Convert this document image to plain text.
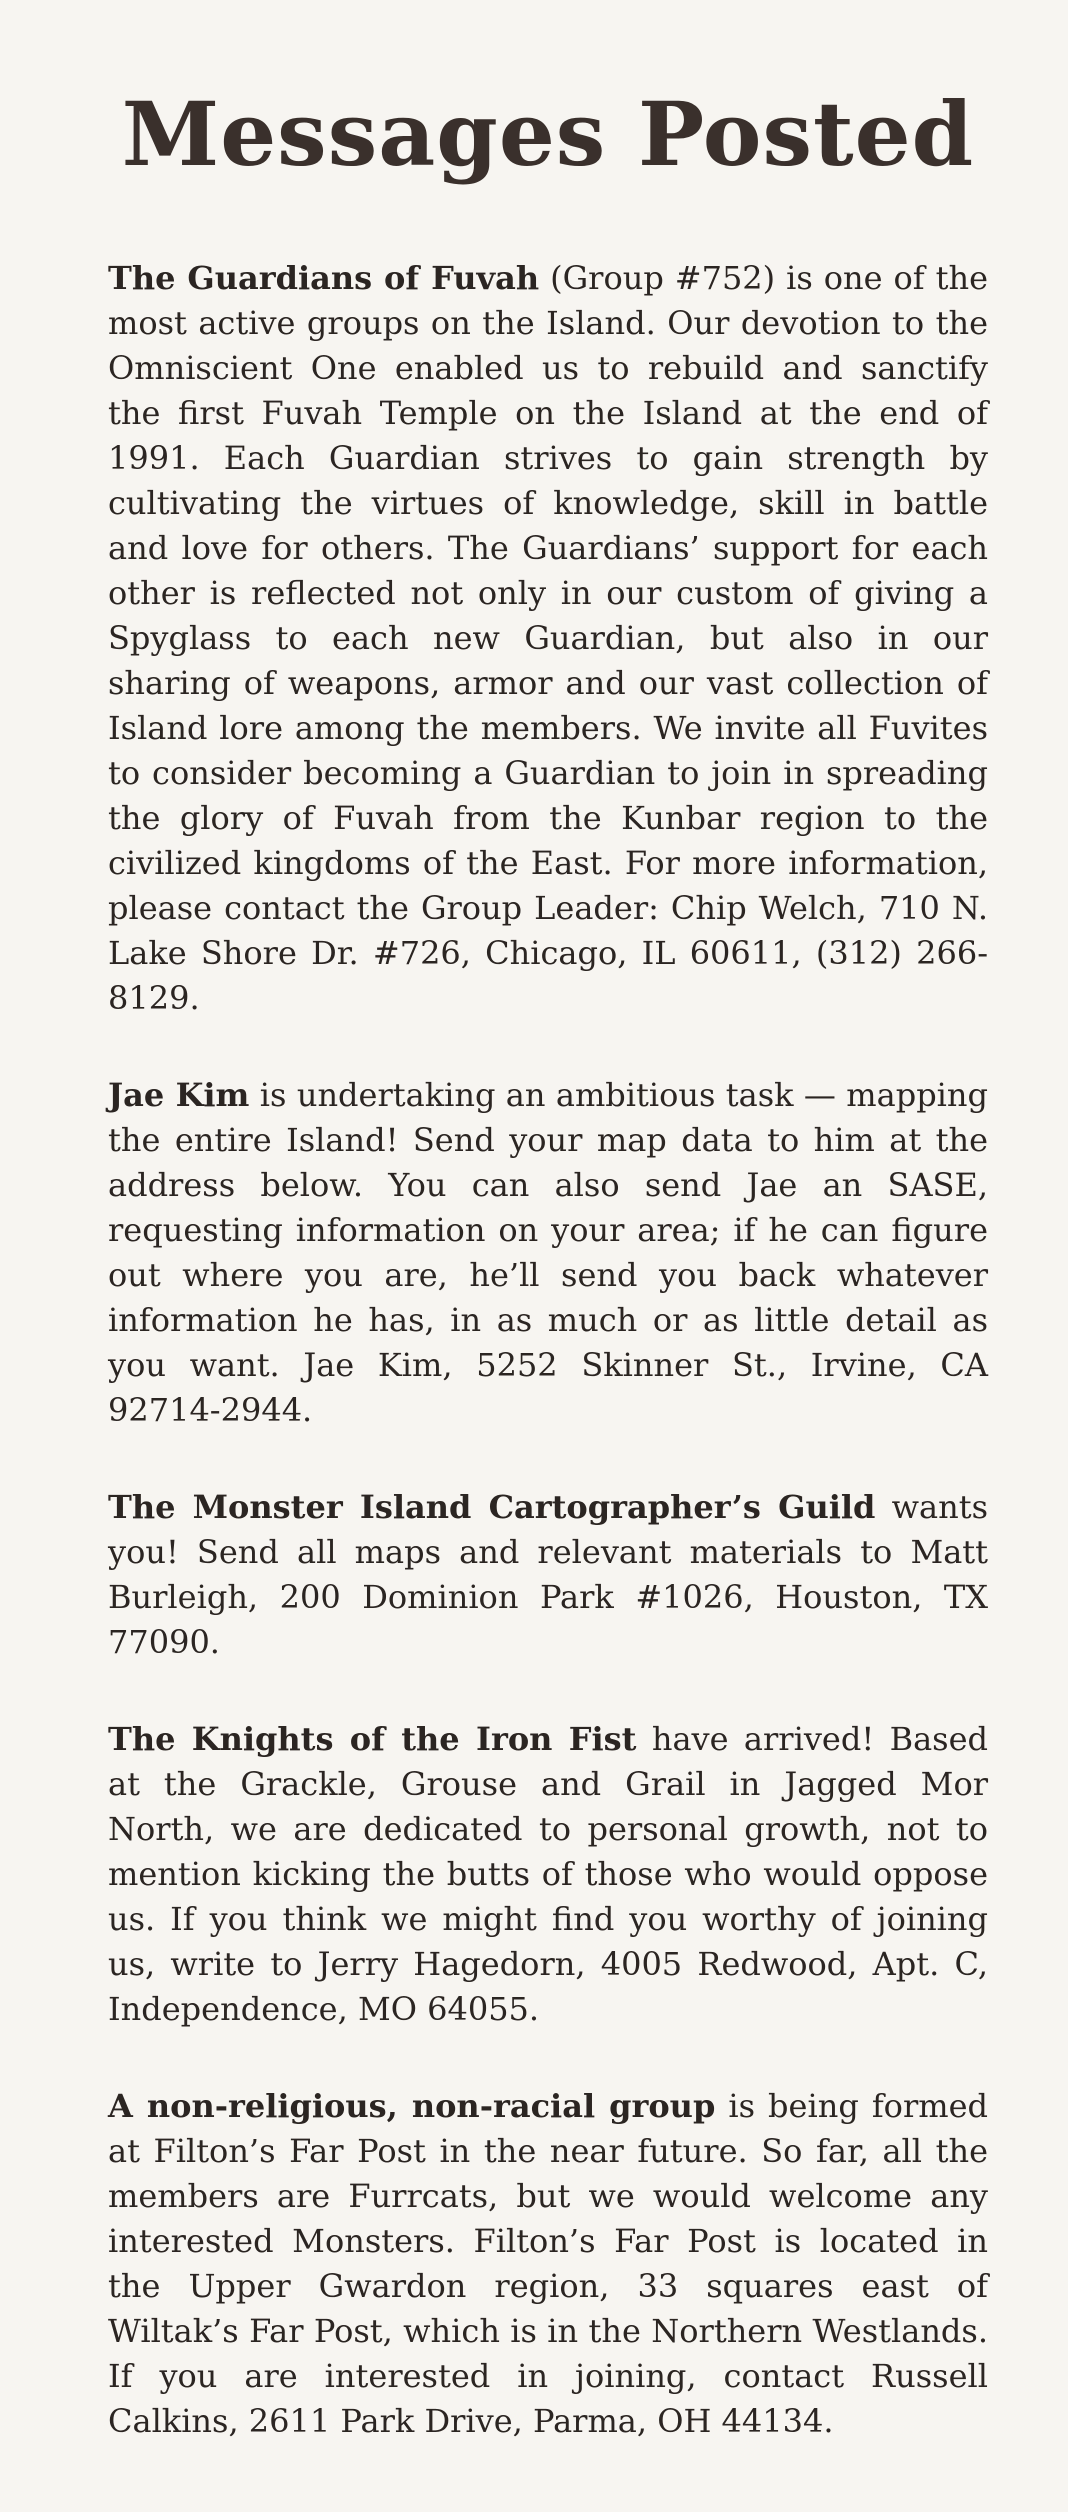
Messages Posted

The Guardians of Fuvah (Group #752) is one of the most active groups on the Island. Our devotion to the Omniscient One enabled us to rebuild and sanctify the first Fuvah Temple on the Island at the end of 1991. Each Guardian strives to gain strength by cultivating the virtues of knowledge, skill in battle and love for others. The Guardians’ support for each other is reflected not only in our custom of giving a Spyglass to each new Guardian, but also in our sharing of weapons, armor and our vast collection of Island lore among the members. We invite all Fuvites to consider becoming a Guardian to join in spreading the glory of Fuvah from the Kunbar region to the civilized kingdoms of the East. For more information, please contact the Group Leader: Chip Welch, 710 N. Lake Shore Dr. #726, Chicago, IL 60611, (312) 266-8129.

Jae Kim is undertaking an ambitious task — mapping the entire Island! Send your map data to him at the address below. You can also send Jae an SASE, requesting information on your area; if he can figure out where you are, he’ll send you back whatever information he has, in as much or as little detail as you want. Jae Kim, 5252 Skinner St., Irvine, CA 92714-2944.

The Monster Island Cartographer’s Guild wants you! Send all maps and relevant materials to Matt Burleigh, 200 Dominion Park #1026, Houston, TX 77090.

The Knights of the Iron Fist have arrived! Based at the Grackle, Grouse and Grail in Jagged Mor North, we are dedicated to personal growth, not to mention kicking the butts of those who would oppose us. If you think we might find you worthy of joining us, write to Jerry Hagedorn, 4005 Redwood, Apt. C, Independence, MO 64055.

A non-religious, non-racial group is being formed at Filton’s Far Post in the near future. So far, all the members are Furrcats, but we would welcome any interested Monsters. Filton’s Far Post is located in the Upper Gwardon region, 33 squares east of Wiltak’s Far Post, which is in the Northern Westlands. If you are interested in joining, contact Russell Calkins, 2611 Park Drive, Parma, OH 44134.
